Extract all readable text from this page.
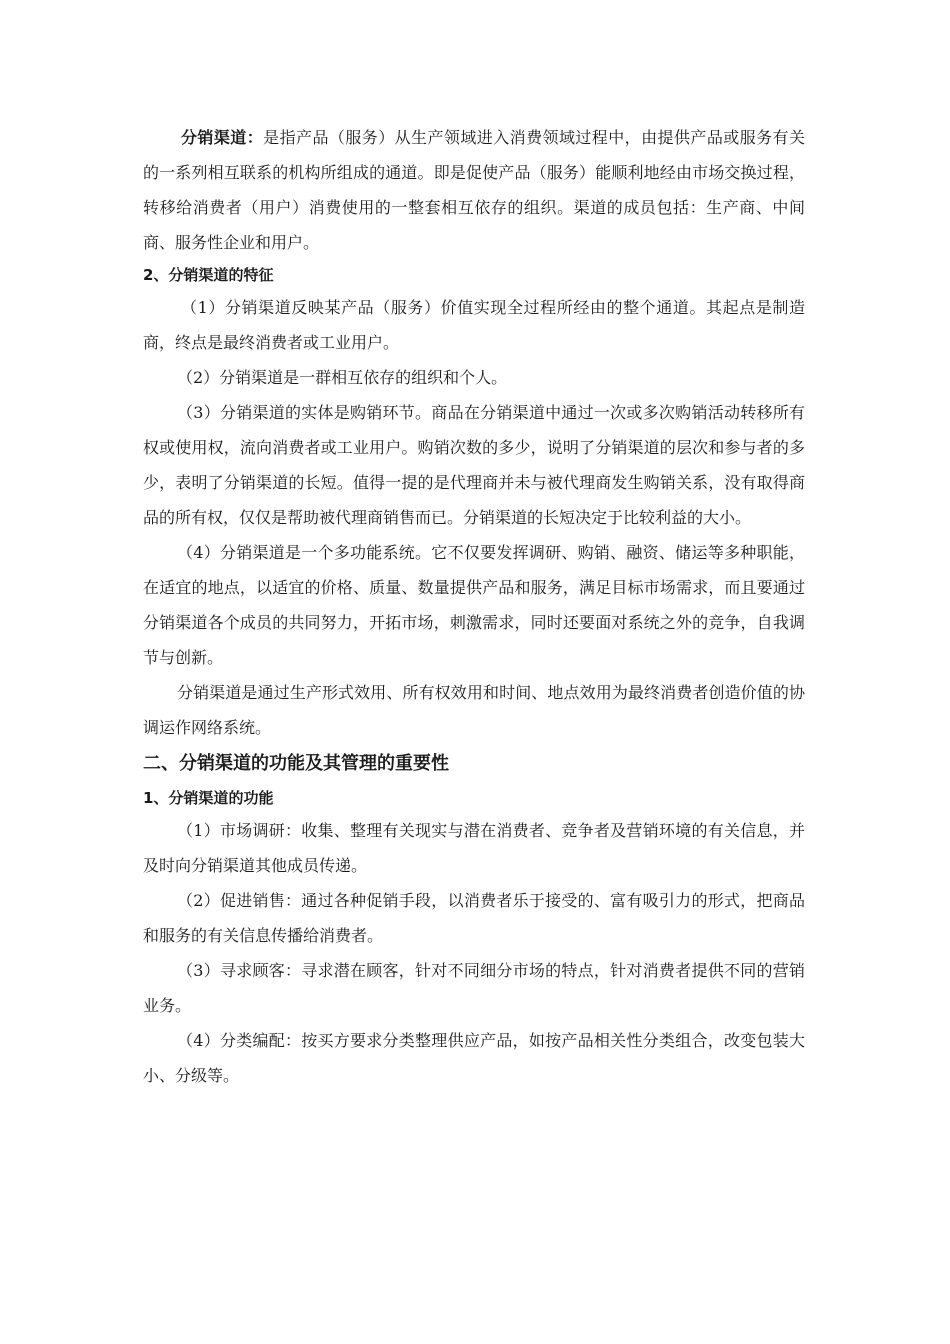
分销渠道：是指产品（服务）从生产领域进入消费领域过程中，由提供产品或服务有关的一系列相互联系的机构所组成的通道。即是促使产品（服务）能顺利地经由市场交换过程，转移给消费者（用户）消费使用的一整套相互依存的组织。渠道的成员包括：生产商、中间商、服务性企业和用户。

2、分销渠道的特征

（1）分销渠道反映某产品（服务）价值实现全过程所经由的整个通道。其起点是制造商，终点是最终消费者或工业用户。

（2）分销渠道是一群相互依存的组织和个人。

（3）分销渠道的实体是购销环节。商品在分销渠道中通过一次或多次购销活动转移所有权或使用权，流向消费者或工业用户。购销次数的多少，说明了分销渠道的层次和参与者的多少，表明了分销渠道的长短。值得一提的是代理商并未与被代理商发生购销关系，没有取得商品的所有权，仅仅是帮助被代理商销售而已。分销渠道的长短决定于比较利益的大小。

（4）分销渠道是一个多功能系统。它不仅要发挥调研、购销、融资、储运等多种职能，在适宜的地点，以适宜的价格、质量、数量提供产品和服务，满足目标市场需求，而且要通过分销渠道各个成员的共同努力，开拓市场，刺激需求，同时还要面对系统之外的竞争，自我调节与创新。

分销渠道是通过生产形式效用、所有权效用和时间、地点效用为最终消费者创造价值的协调运作网络系统。

二、分销渠道的功能及其管理的重要性

1、分销渠道的功能

（1）市场调研：收集、整理有关现实与潜在消费者、竞争者及营销环境的有关信息，并及时向分销渠道其他成员传递。

（2）促进销售：通过各种促销手段，以消费者乐于接受的、富有吸引力的形式，把商品和服务的有关信息传播给消费者。

（3）寻求顾客：寻求潜在顾客，针对不同细分市场的特点，针对消费者提供不同的营销业务。

（4）分类编配：按买方要求分类整理供应产品，如按产品相关性分类组合，改变包装大小、分级等。
